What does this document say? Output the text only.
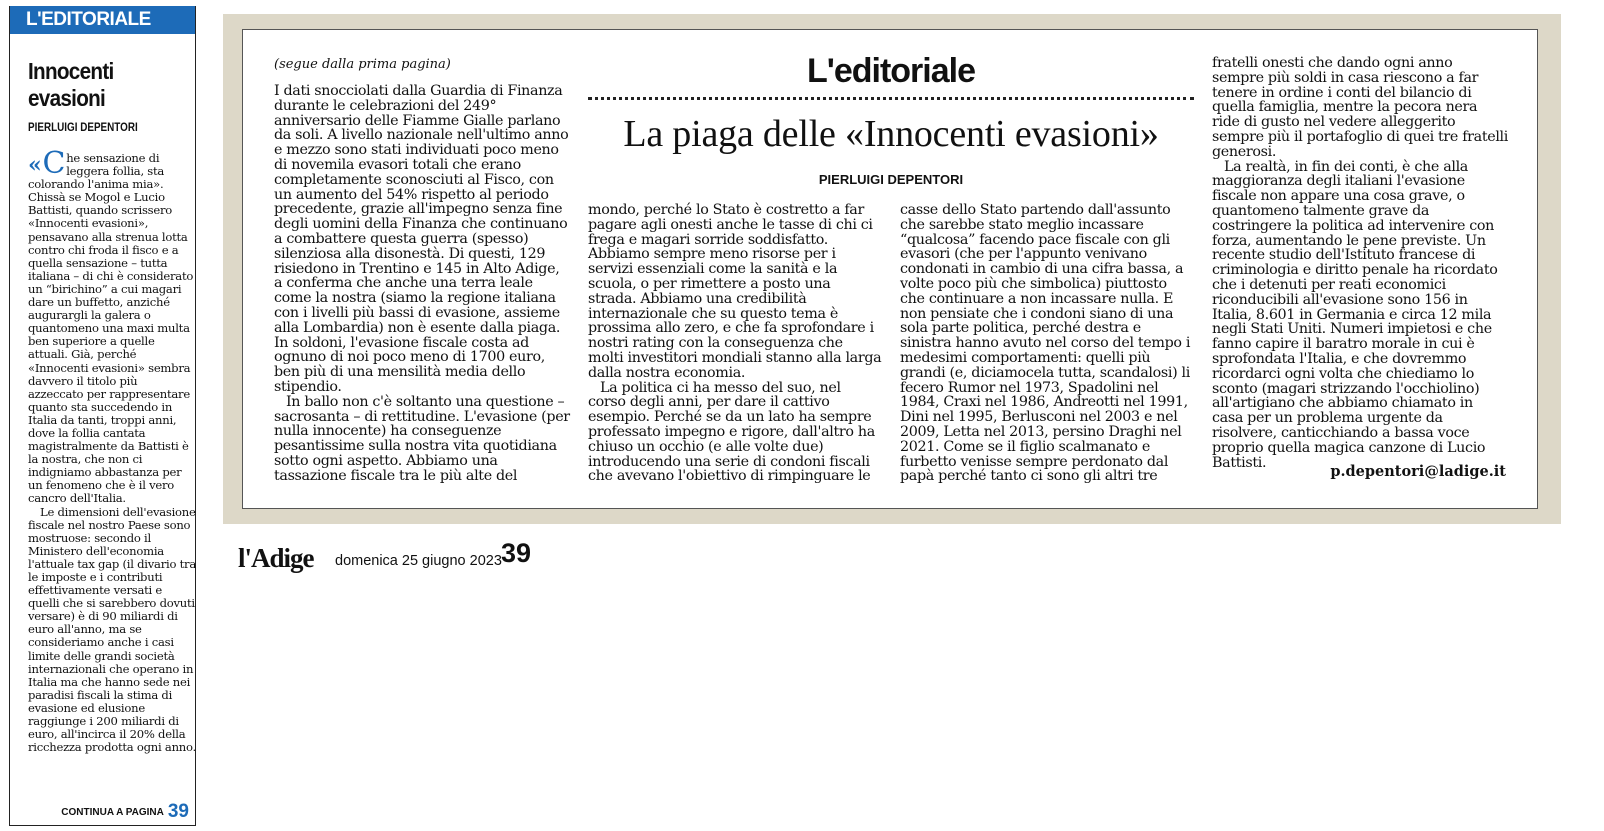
L'EDITORIALE
Innocenti evasioni
PIERLUIGI DEPENTORI

« C he sensazione di leggera follia, sta colorando l'anima mia». Chissà se Mogol e Lucio Battisti, quando scrissero «Innocenti evasioni», pensavano alla strenua lotta contro chi froda il fisco e a quella sensazione – tutta italiana – di chi è considerato un “birichino” a cui magari dare un buffetto, anziché augurargli la galera o quantomeno una maxi multa ben superiore a quelle attuali. Già, perché «Innocenti evasioni» sembra davvero il titolo più azzeccato per rappresentare quanto sta succedendo in Italia da tanti, troppi anni, dove la follia cantata magistralmente da Battisti è la nostra, che non ci indigniamo abbastanza per un fenomeno che è il vero cancro dell'Italia.

Le dimensioni dell'evasione fiscale nel nostro Paese sono mostruose: secondo il Ministero dell'economia l'attuale tax gap (il divario tra le imposte e i contributi effettivamente versati e quelli che si sarebbero dovuti versare) è di 90 miliardi di euro all'anno, ma se consideriamo anche i casi limite delle grandi società internazionali che operano in Italia ma che hanno sede nei paradisi fiscali la stima di evasione ed elusione raggiunge i 200 miliardi di euro, all'incirca il 20% della ricchezza prodotta ogni anno.

CONTINUA A PAGINA 39
(segue dalla prima pagina)	L'editoriale
La piaga delle «Innocenti evasioni»
PIERLUIGI DEPENTORI

I dati snocciolati dalla Guardia di Finanza durante le celebrazioni del 249° anniversario delle Fiamme Gialle parlano da soli. A livello nazionale nell'ultimo anno e mezzo sono stati individuati poco meno di novemila evasori totali che erano completamente sconosciuti al Fisco, con un aumento del 54% rispetto al periodo precedente, grazie all'impegno senza fine degli uomini della Finanza che continuano a combattere questa guerra (spesso) silenziosa alla disonestà. Di questi, 129 risiedono in Trentino e 145 in Alto Adige, a conferma che anche una terra leale come la nostra (siamo la regione italiana con i livelli più bassi di evasione, assieme alla Lombardia) non è esente dalla piaga. In soldoni, l'evasione fiscale costa ad ognuno di noi poco meno di 1700 euro, ben più di una mensilità media dello stipendio.

In ballo non c'è soltanto una questione – sacrosanta – di rettitudine. L'evasione (per nulla innocente) ha conseguenze pesantissime sulla nostra vita quotidiana sotto ogni aspetto. Abbiamo una tassazione fiscale tra le più alte del

mondo, perché lo Stato è costretto a far pagare agli onesti anche le tasse di chi ci frega e magari sorride soddisfatto. Abbiamo sempre meno risorse per i servizi essenziali come la sanità e la scuola, o per rimettere a posto una strada. Abbiamo una credibilità internazionale che su questo tema è prossima allo zero, e che fa sprofondare i nostri rating con la conseguenza che molti investitori mondiali stanno alla larga dalla nostra economia.

La politica ci ha messo del suo, nel corso degli anni, per dare il cattivo esempio. Perché se da un lato ha sempre professato impegno e rigore, dall'altro ha chiuso un occhio (e alle volte due) introducendo una serie di condoni fiscali che avevano l'obiettivo di rimpinguare le

casse dello Stato partendo dall'assunto che sarebbe stato meglio incassare “qualcosa” facendo pace fiscale con gli evasori (che per l'appunto venivano condonati in cambio di una cifra bassa, a volte poco più che simbolica) piuttosto che continuare a non incassare nulla. E non pensiate che i condoni siano di una sola parte politica, perché destra e sinistra hanno avuto nel corso del tempo i medesimi comportamenti: quelli più grandi (e, diciamocela tutta, scandalosi) li fecero Rumor nel 1973, Spadolini nel 1984, Craxi nel 1986, Andreotti nel 1991, Dini nel 1995, Berlusconi nel 2003 e nel 2009, Letta nel 2013, persino Draghi nel 2021. Come se il figlio scalmanato e furbetto venisse sempre perdonato dal papà perché tanto ci sono gli altri tre

fratelli onesti che dando ogni anno sempre più soldi in casa riescono a far tenere in ordine i conti del bilancio di quella famiglia, mentre la pecora nera ride di gusto nel vedere alleggerito sempre più il portafoglio di quei tre fratelli generosi.

La realtà, in fin dei conti, è che alla maggioranza degli italiani l'evasione fiscale non appare una cosa grave, o quantomeno talmente grave da costringere la politica ad intervenire con forza, aumentando le pene previste. Un recente studio dell'Istituto francese di criminologia e diritto penale ha ricordato che i detenuti per reati economici riconducibili all'evasione sono 156 in Italia, 8.601 in Germania e circa 12 mila negli Stati Uniti. Numeri impietosi e che fanno capire il baratro morale in cui è sprofondata l'Italia, e che dovremmo ricordarci ogni volta che chiediamo lo sconto (magari strizzando l'occhiolino) all'artigiano che abbiamo chiamato in casa per un problema urgente da risolvere, canticchiando a bassa voce proprio quella magica canzone di Lucio Battisti.

p.depentori@ladige.it
l'Adige domenica 25 giugno 2023 39
